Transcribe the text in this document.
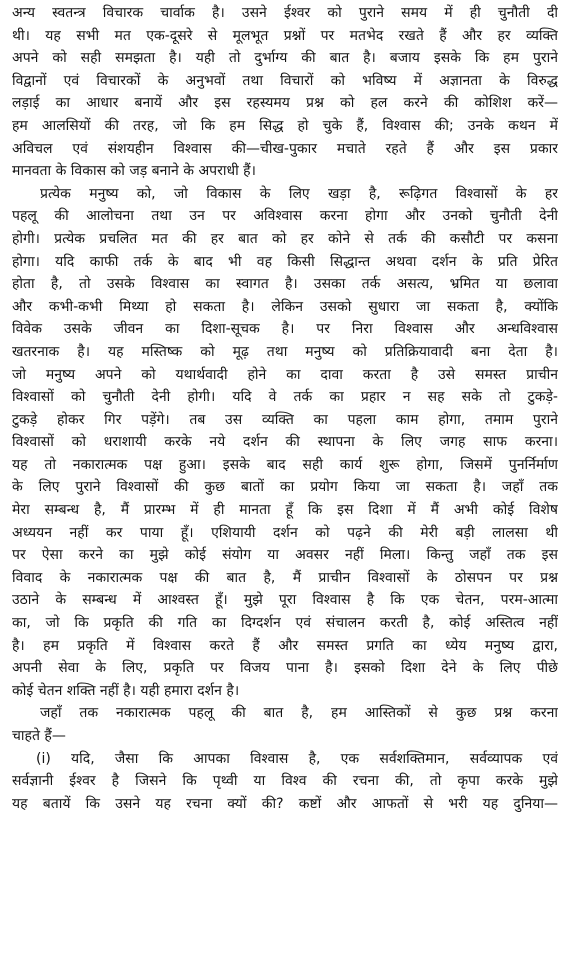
अन्य स्वतन्त्र विचारक चार्वाक है। उसने ईश्वर को पुराने समय में ही चुनौती दी
थी। यह सभी मत एक-दूसरे से मूलभूत प्रश्नों पर मतभेद रखते हैं और हर व्यक्ति
अपने को सही समझता है। यही तो दुर्भाग्य की बात है। बजाय इसके कि हम पुराने
विद्वानों एवं विचारकों के अनुभवों तथा विचारों को भविष्य में अज्ञानता के विरुद्ध
लड़ाई का आधार बनायें और इस रहस्यमय प्रश्न को हल करने की कोशिश करें—
हम आलसियों की तरह, जो कि हम सिद्ध हो चुके हैं, विश्वास की; उनके कथन में
अविचल एवं संशयहीन विश्वास की—चीख-पुकार मचाते रहते हैं और इस प्रकार
मानवता के विकास को जड़ बनाने के अपराधी हैं।
प्रत्येक मनुष्य को, जो विकास के लिए खड़ा है, रूढ़िगत विश्वासों के हर
पहलू की आलोचना तथा उन पर अविश्वास करना होगा और उनको चुनौती देनी
होगी। प्रत्येक प्रचलित मत की हर बात को हर कोने से तर्क की कसौटी पर कसना
होगा। यदि काफी तर्क के बाद भी वह किसी सिद्धान्त अथवा दर्शन के प्रति प्रेरित
होता है, तो उसके विश्वास का स्वागत है। उसका तर्क असत्य, भ्रमित या छलावा
और कभी-कभी मिथ्या हो सकता है। लेकिन उसको सुधारा जा सकता है, क्योंकि
विवेक उसके जीवन का दिशा-सूचक है। पर निरा विश्वास और अन्धविश्वास
खतरनाक है। यह मस्तिष्क को मूढ़ तथा मनुष्य को प्रतिक्रियावादी बना देता है।
जो मनुष्य अपने को यथार्थवादी होने का दावा करता है उसे समस्त प्राचीन
विश्वासों को चुनौती देनी होगी। यदि वे तर्क का प्रहार न सह सके तो टुकड़े-
टुकड़े होकर गिर पड़ेंगे। तब उस व्यक्ति का पहला काम होगा, तमाम पुराने
विश्वासों को धराशायी करके नये दर्शन की स्थापना के लिए जगह साफ करना।
यह तो नकारात्मक पक्ष हुआ। इसके बाद सही कार्य शुरू होगा, जिसमें पुनर्निर्माण
के लिए पुराने विश्वासों की कुछ बातों का प्रयोग किया जा सकता है। जहाँ तक
मेरा सम्बन्ध है, मैं प्रारम्भ में ही मानता हूँ कि इस दिशा में मैं अभी कोई विशेष
अध्ययन नहीं कर पाया हूँ। एशियायी दर्शन को पढ़ने की मेरी बड़ी लालसा थी
पर ऐसा करने का मुझे कोई संयोग या अवसर नहीं मिला। किन्तु जहाँ तक इस
विवाद के नकारात्मक पक्ष की बात है, मैं प्राचीन विश्वासों के ठोसपन पर प्रश्न
उठाने के सम्बन्ध में आश्वस्त हूँ। मुझे पूरा विश्वास है कि एक चेतन, परम-आत्मा
का, जो कि प्रकृति की गति का दिग्दर्शन एवं संचालन करती है, कोई अस्तित्व नहीं
है। हम प्रकृति में विश्वास करते हैं और समस्त प्रगति का ध्येय मनुष्य द्वारा,
अपनी सेवा के लिए, प्रकृति पर विजय पाना है। इसको दिशा देने के लिए पीछे
कोई चेतन शक्ति नहीं है। यही हमारा दर्शन है।
जहाँ तक नकारात्मक पहलू की बात है, हम आस्तिकों से कुछ प्रश्न करना
चाहते हैं—
(i) यदि, जैसा कि आपका विश्वास है, एक सर्वशक्तिमान, सर्वव्यापक एवं
सर्वज्ञानी ईश्वर है जिसने कि पृथ्वी या विश्व की रचना की, तो कृपा करके मुझे
यह बतायें कि उसने यह रचना क्यों की? कष्टों और आफतों से भरी यह दुनिया—
